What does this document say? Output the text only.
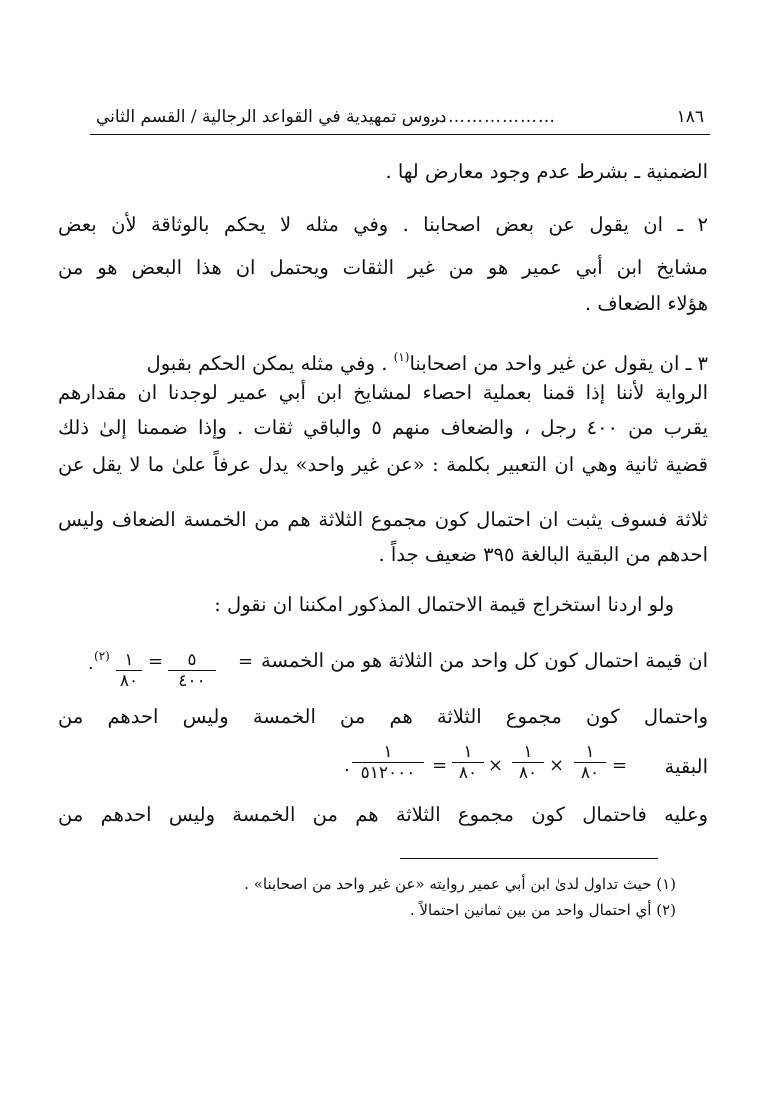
١٨٦
…………………
دروس تمهيدية في القواعد الرجالية / القسم الثاني
الضمنية ـ بشرط عدم وجود معارض لها .
٢ ـ ان يقول عن بعض اصحابنا . وفي مثله لا يحكم بالوثاقة لأن بعض
مشايخ ابن أبي عمير هو من غير الثقات ويحتمل ان هذا البعض هو من
هؤلاء الضعاف .
٣ ـ ان يقول عن غير واحد من اصحابنا$^{(١)}$ . وفي مثله يمكن الحكم بقبول
الرواية لأننا إذا قمنا بعملية احصاء لمشايخ ابن أبي عمير لوجدنا ان مقدارهم
يقرب من ٤٠٠ رجل ، والضعاف منهم ٥ والباقي ثقات . وإذا ضممنا إلىٰ ذلك
قضية ثانية وهي ان التعبير بكلمة : «عن غير واحد» يدل عرفاً علىٰ ما لا يقل عن
ثلاثة فسوف يثبت ان احتمال كون مجموع الثلاثة هم من الخمسة الضعاف وليس
احدهم من البقية البالغة ٣٩٥ ضعيف جداً .
ولو اردنا استخراج قيمة الاحتمال المذكور امكننا ان نقول :
ان قيمة احتمال كون كل واحد من الثلاثة هو من الخمسة
=
٥
٤٠٠
=
١
٨٠
(٢)
.
واحتمال كون مجموع الثلاثة هم من الخمسة وليس احدهم من
البقية
=
١
٨٠
×
١
٨٠
×
١
٨٠
=
١
٥١٢٠٠٠
.
وعليه فاحتمال كون مجموع الثلاثة هم من الخمسة وليس احدهم من
(١) حيث تداول لدىٰ ابن أبي عمير روايته «عن غير واحد من اصحابنا» .
(٢) أي احتمال واحد من بين ثمانين احتمالاً .
